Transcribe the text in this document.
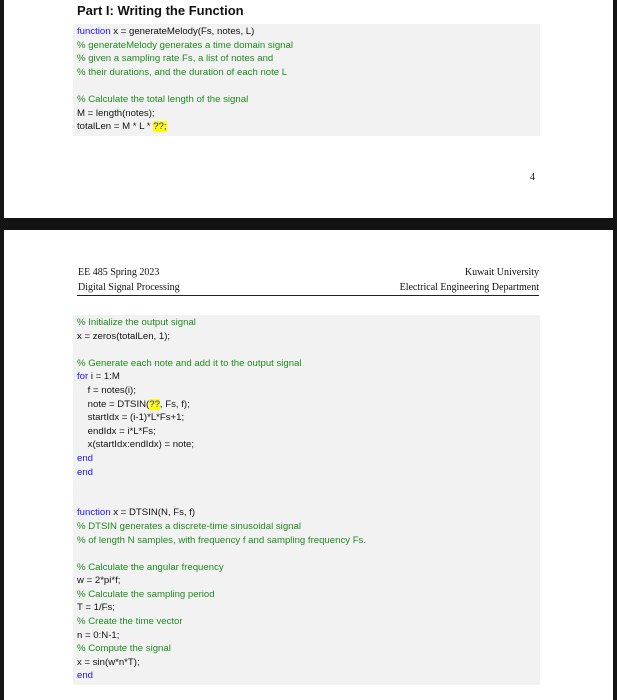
Part I: Writing the Function
function x = generateMelody(Fs, notes, L)
% generateMelody generates a time domain signal
% given a sampling rate Fs, a list of notes and
% their durations, and the duration of each note L
% Calculate the total length of the signal
M = length(notes);
totalLen = M * L * ??;
4
EE 485 Spring 2023
Digital Signal Processing
Kuwait University
Electrical Engineering Department
% Initialize the output signal
x = zeros(totalLen, 1);
% Generate each note and add it to the output signal
for i = 1:M
f = notes(i);
note = DTSIN(??, Fs, f);
startIdx = (i-1)*L*Fs+1;
endIdx = i*L*Fs;
x(startIdx:endIdx) = note;
end
end
function x = DTSIN(N, Fs, f)
% DTSIN generates a discrete-time sinusoidal signal
% of length N samples, with frequency f and sampling frequency Fs.
% Calculate the angular frequency
w = 2*pi*f;
% Calculate the sampling period
T = 1/Fs;
% Create the time vector
n = 0:N-1;
% Compute the signal
x = sin(w*n*T);
end
